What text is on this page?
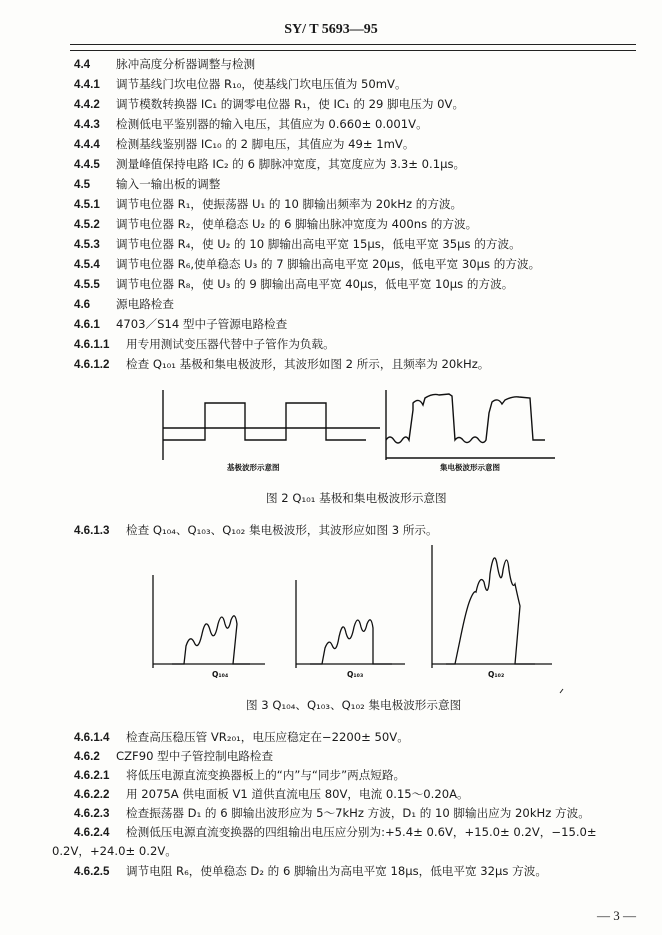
SY/ T 5693—95
4.4 脉冲高度分析器调整与检测
4.4.1 调节基线门坎电位器 R₁₀，使基线门坎电压值为 50mV。
4.4.2 调节模数转换器 IC₁ 的调零电位器 R₁，使 IC₁ 的 29 脚电压为 0V。
4.4.3 检测低电平鉴别器的输入电压，其值应为 0.660± 0.001V。
4.4.4 检测基线鉴别器 IC₁₀ 的 2 脚电压，其值应为 49± 1mV。
4.4.5 测量峰值保持电路 IC₂ 的 6 脚脉冲宽度，其宽度应为 3.3± 0.1μs。
4.5 输入一输出板的调整
4.5.1 调节电位器 R₁，使振荡器 U₁ 的 10 脚输出频率为 20kHz 的方波。
4.5.2 调节电位器 R₂，使单稳态 U₂ 的 6 脚输出脉冲宽度为 400ns 的方波。
4.5.3 调节电位器 R₄，使 U₂ 的 10 脚输出高电平宽 15μs，低电平宽 35μs 的方波。
4.5.4 调节电位器 R₆,使单稳态 U₃ 的 7 脚输出高电平宽 20μs，低电平宽 30μs 的方波。
4.5.5 调节电位器 R₈，使 U₃ 的 9 脚输出高电平宽 40μs，低电平宽 10μs 的方波。
4.6 源电路检查
4.6.1 4703／S14 型中子管源电路检查
4.6.1.1 用专用测试变压器代替中子管作为负载。
4.6.1.2 检查 Q₁₀₁ 基极和集电极波形，其波形如图 2 所示，且频率为 20kHz。
4.6.1.3 检查 Q₁₀₄、Q₁₀₃、Q₁₀₂ 集电极波形，其波形应如图 3 所示。
4.6.1.4 检查高压稳压管 VR₂₀₁，电压应稳定在−2200± 50V。
4.6.2 CZF90 型中子管控制电路检查
4.6.2.1 将低压电源直流变换器板上的“内”与“同步”两点短路。
4.6.2.2 用 2075A 供电面板 V1 道供直流电压 80V，电流 0.15～0.20A。
4.6.2.3 检查振荡器 D₁ 的 6 脚输出波形应为 5～7kHz 方波，D₁ 的 10 脚输出应为 20kHz 方波。
4.6.2.4 检测低压电源直流变换器的四组输出电压应分别为:+5.4± 0.6V，+15.0± 0.2V，−15.0±
0.2V，+24.0± 0.2V。
4.6.2.5 调节电阻 R₆，使单稳态 D₂ 的 6 脚输出为高电平宽 18μs，低电平宽 32μs 方波。
基极波形示意图	集电极波形示意图
Q₁₀₄	Q₁₀₃	Q₁₀₂
图 2 Q₁₀₁ 基极和集电极波形示意图
图 3 Q₁₀₄、Q₁₀₃、Q₁₀₂ 集电极波形示意图
— 3 —
